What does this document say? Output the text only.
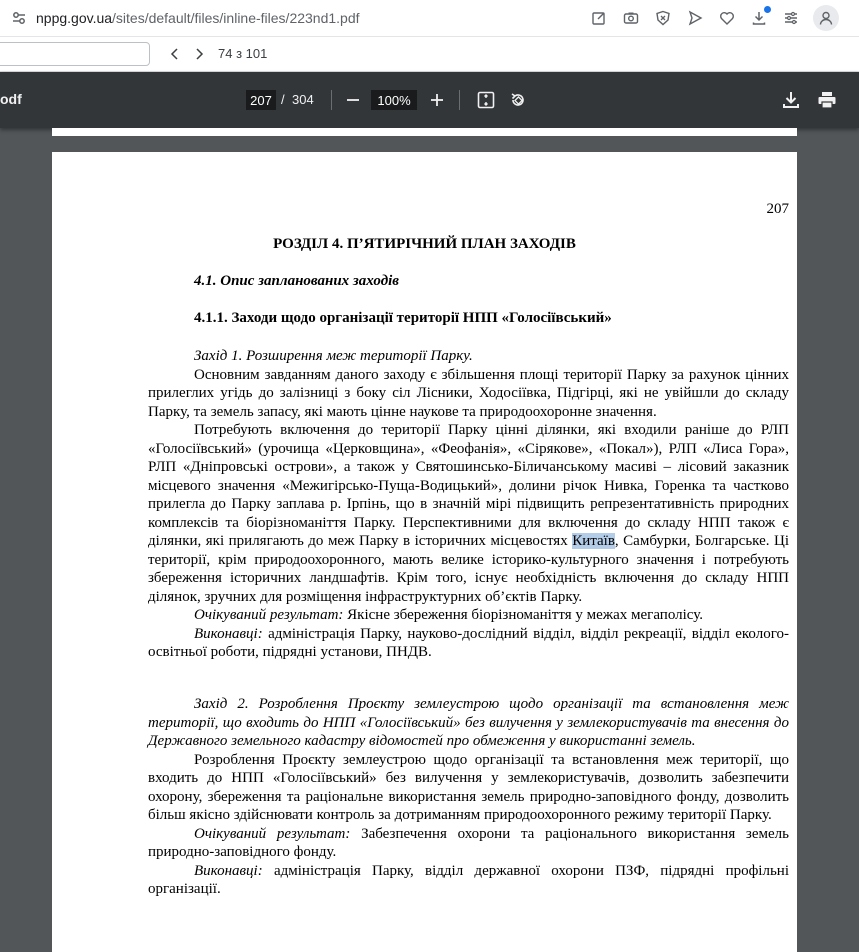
nppg.gov.ua/sites/default/files/inline-files/223nd1.pdf
74 з 101
odf	207 / 304	100%
207
РОЗДІЛ 4. П’ЯТИРІЧНИЙ ПЛАН ЗАХОДІВ
4.1. Опис запланованих заходів
4.1.1. Заходи щодо організації території НПП «Голосіївський»

Захід 1. Розширення меж території Парку.

Основним завданням даного заходу є збільшення площі території Парку за рахунок цінних прилеглих угідь до залізниці з боку сіл Лісники, Ходосіївка, Підгірці, які не увійшли до складу Парку, та земель запасу, які мають цінне наукове та природоохоронне значення.

Потребують включення до території Парку цінні ділянки, які входили раніше до РЛП «Голосіївський» (урочища «Церковщина», «Феофанія», «Сірякове», «Покал»), РЛП «Лиса Гора», РЛП «Дніпровські острови», а також у Святошинсько-Біличанському масиві – лісовий заказник місцевого значення «Межигірсько-Пуща-Водицький», долини річок Нивка, Горенка та частково прилегла до Парку заплава р. Ірпінь, що в значній мірі підвищить репрезентативність природних комплексів та біорізноманіття Парку. Перспективними для включення до складу НПП також є ділянки, які прилягають до меж Парку в історичних місцевостях Китаїв, Самбурки, Болгарське. Ці території, крім природоохоронного, мають велике історико-культурного значення і потребують збереження історичних ландшафтів. Крім того, існує необхідність включення до складу НПП ділянок, зручних для розміщення інфраструктурних об’єктів Парку.

Очікуваний результат: Якісне збереження біорізноманіття у межах мегаполісу.

Виконавці: адміністрація Парку, науково-дослідний відділ, відділ рекреації, відділ еколого-освітньої роботи, підрядні установи, ПНДВ.

Захід 2. Розроблення Проєкту землеустрою щодо організації та встановлення меж території, що входить до НПП «Голосіївський» без вилучення у землекористувачів та внесення до Державного земельного кадастру відомостей про обмеження у використанні земель.

Розроблення Проєкту землеустрою щодо організації та встановлення меж території, що входить до НПП «Голосіївський» без вилучення у землекористувачів, дозволить забезпечити охорону, збереження та раціональне використання земель природно-заповідного фонду, дозволить більш якісно здійснювати контроль за дотриманням природоохоронного режиму території Парку.

Очікуваний результат: Забезпечення охорони та раціонального використання земель природно-заповідного фонду.

Виконавці: адміністрація Парку, відділ державної охорони ПЗФ, підрядні профільні організації.
